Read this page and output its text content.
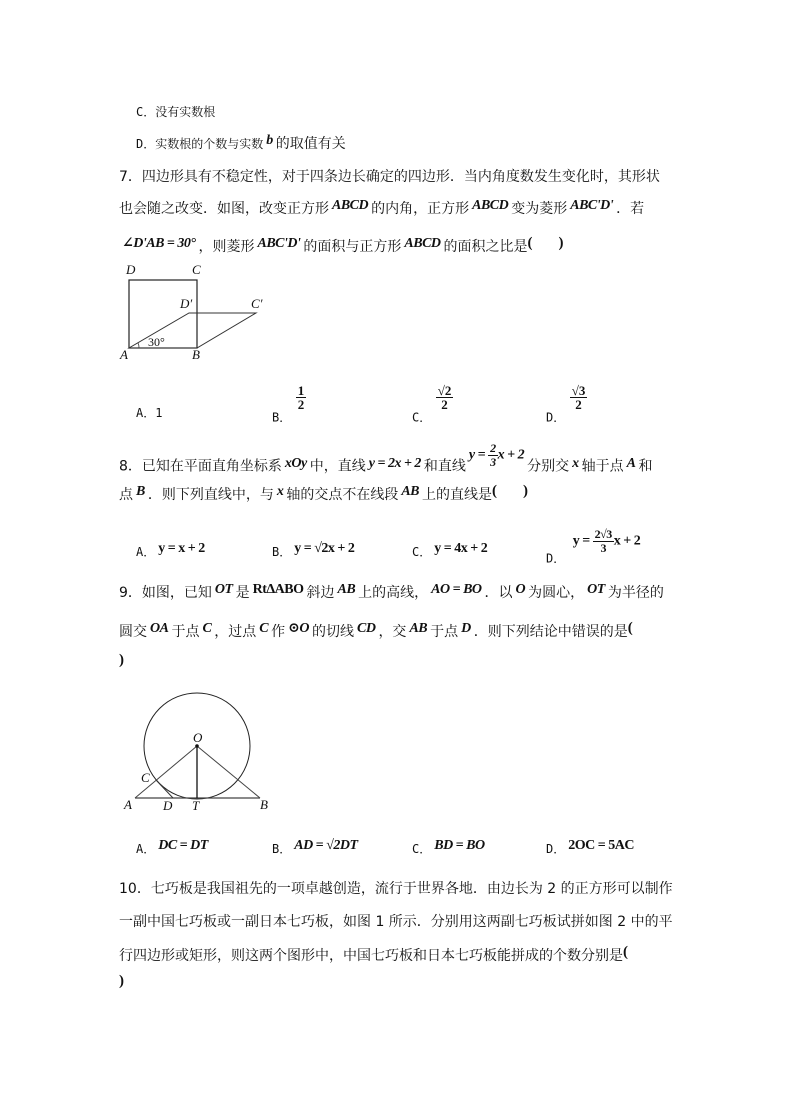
C．没有实数根
D．实数根的个数与实数 b 的取值有关
7．四边形具有不稳定性，对于四条边长确定的四边形．当内角度数发生变化时，其形状
也会随之改变．如图，改变正方形 ABCD 的内角，正方形 ABCD 变为菱形 ABC'D' ．若
∠D'AB = 30° ，则菱形 ABC'D' 的面积与正方形 ABCD 的面积之比是( )
D	C
D′	C′
A	B
30°
A．1	B．
$\frac{1}{2}$
C．
$\frac{√2}{2}$
D．
$\frac{√3}{2}$
8．已知在平面直角坐标系 xOy 中，直线 y = 2x + 2 和直线$y = \frac{2}{3}$ x + 2分别交 x 轴于点 A 和
点 B ．则下列直线中，与 x 轴的交点不在线段 AB 上的直线是( )
A． y = x + 2	B． y = √2x + 2	C． y = 4x + 2
D． $y = \frac{2√3}{3}$ x + 2
9．如图，已知 OT 是 RtΔABO 斜边 AB 上的高线， AO = BO ．以 O 为圆心， OT 为半径的
圆交 OA 于点 C ，过点 C 作 ⊙O 的切线 CD ，交 AB 于点 D ．则下列结论中错误的是(
)
O
C
A D T	B
A． DC = DT	B． AD = √2DT	C． BD = BO	D． 2OC = 5AC
10．七巧板是我国祖先的一项卓越创造，流行于世界各地．由边长为 2 的正方形可以制作
一副中国七巧板或一副日本七巧板，如图 1 所示．分别用这两副七巧板试拼如图 2 中的平
行四边形或矩形，则这两个图形中，中国七巧板和日本七巧板能拼成的个数分别是(
)
